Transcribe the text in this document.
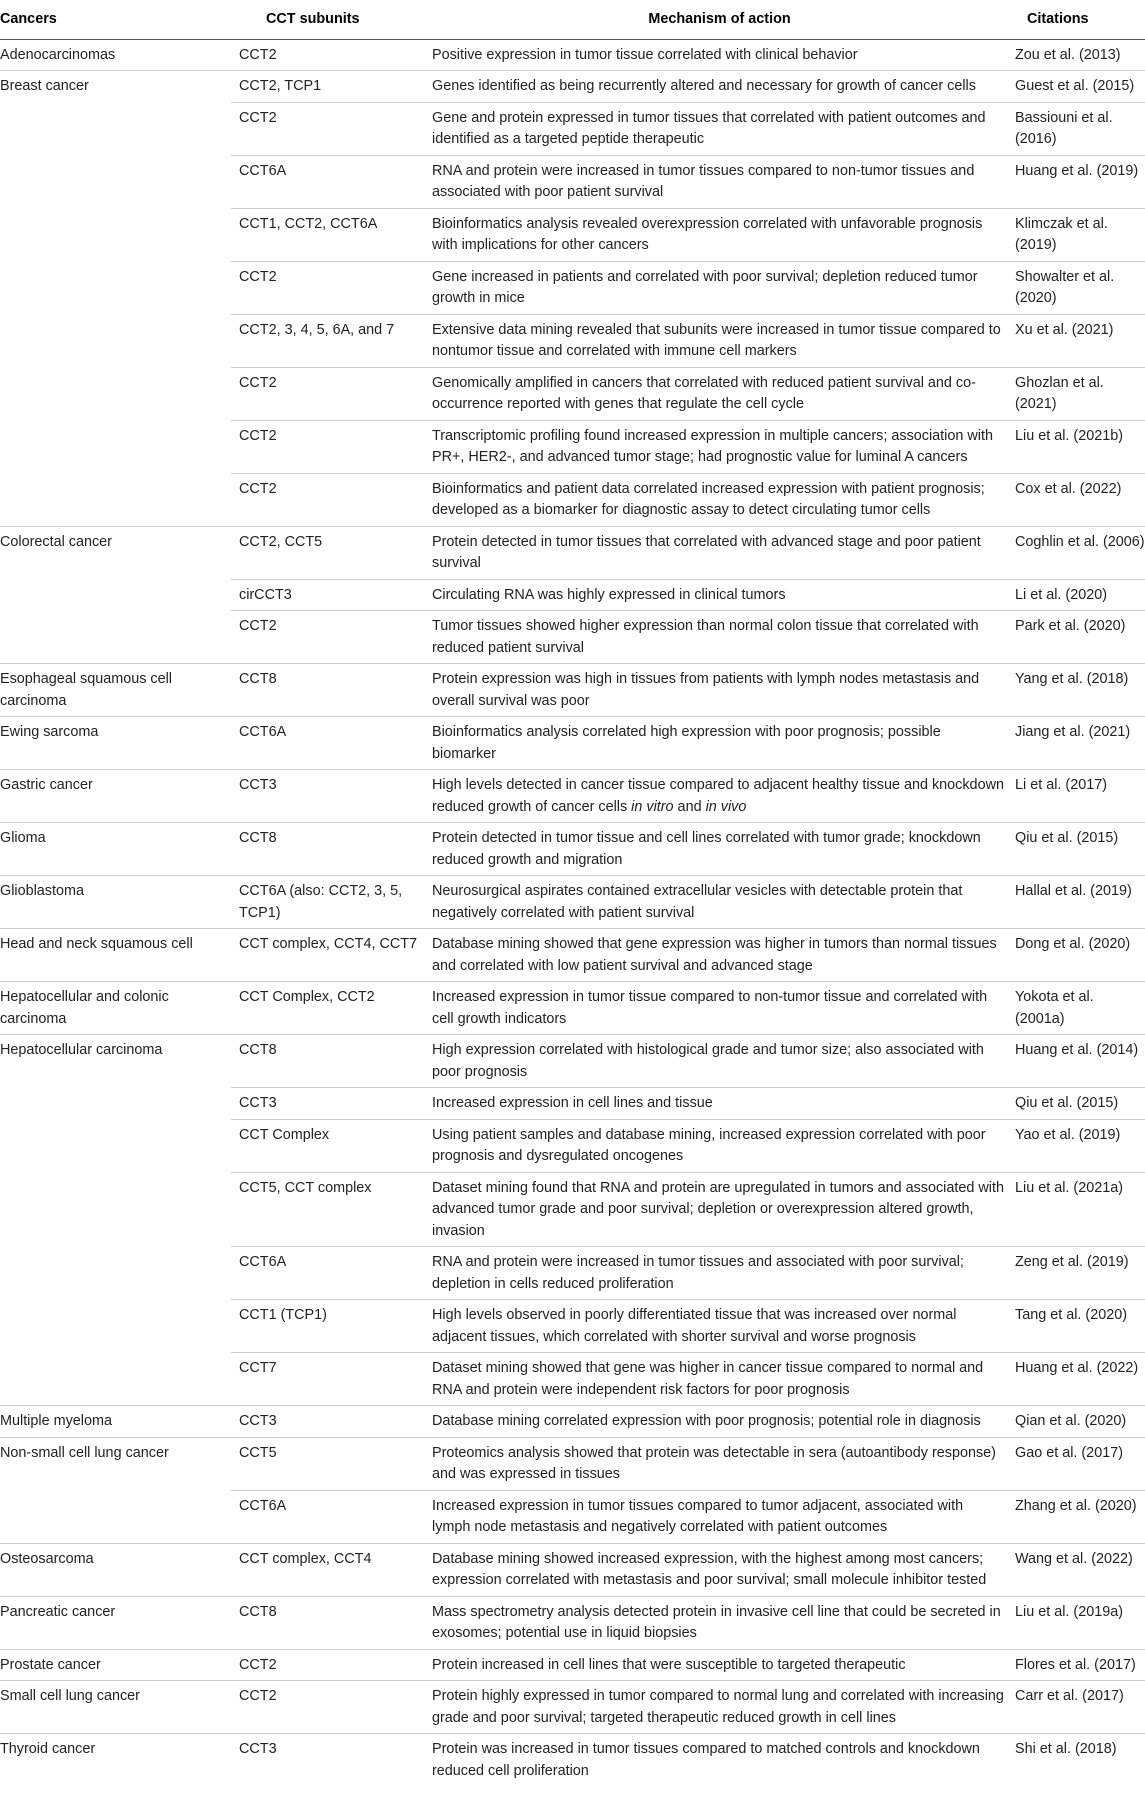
Cancers	CCT subunits	Mechanism of action	Citations
Adenocarcinomas	CCT2	Positive expression in tumor tissue correlated with clinical behavior	Zou et al. (2013)
Breast cancer	CCT2, TCP1	Genes identified as being recurrently altered and necessary for growth of cancer cells	Guest et al. (2015)
	CCT2	Gene and protein expressed in tumor tissues that correlated with patient outcomes and identified as a targeted peptide therapeutic	Bassiouni et al. (2016)
	CCT6A	RNA and protein were increased in tumor tissues compared to non-tumor tissues and associated with poor patient survival	Huang et al. (2019)
	CCT1, CCT2, CCT6A	Bioinformatics analysis revealed overexpression correlated with unfavorable prognosis with implications for other cancers	Klimczak et al. (2019)
	CCT2	Gene increased in patients and correlated with poor survival; depletion reduced tumor growth in mice	Showalter et al. (2020)
	CCT2, 3, 4, 5, 6A, and 7	Extensive data mining revealed that subunits were increased in tumor tissue compared to nontumor tissue and correlated with immune cell markers	Xu et al. (2021)
	CCT2	Genomically amplified in cancers that correlated with reduced patient survival and co-occurrence reported with genes that regulate the cell cycle	Ghozlan et al. (2021)
	CCT2	Transcriptomic profiling found increased expression in multiple cancers; association with PR+, HER2-, and advanced tumor stage; had prognostic value for luminal A cancers	Liu et al. (2021b)
	CCT2	Bioinformatics and patient data correlated increased expression with patient prognosis; developed as a biomarker for diagnostic assay to detect circulating tumor cells	Cox et al. (2022)
Colorectal cancer	CCT2, CCT5	Protein detected in tumor tissues that correlated with advanced stage and poor patient survival	Coghlin et al. (2006)
	cirCCT3	Circulating RNA was highly expressed in clinical tumors	Li et al. (2020)
	CCT2	Tumor tissues showed higher expression than normal colon tissue that correlated with reduced patient survival	Park et al. (2020)
Esophageal squamous cell carcinoma	CCT8	Protein expression was high in tissues from patients with lymph nodes metastasis and overall survival was poor	Yang et al. (2018)
Ewing sarcoma	CCT6A	Bioinformatics analysis correlated high expression with poor prognosis; possible biomarker	Jiang et al. (2021)
Gastric cancer	CCT3	High levels detected in cancer tissue compared to adjacent healthy tissue and knockdown reduced growth of cancer cells in vitro and in vivo	Li et al. (2017)
Glioma	CCT8	Protein detected in tumor tissue and cell lines correlated with tumor grade; knockdown reduced growth and migration	Qiu et al. (2015)
Glioblastoma	CCT6A (also: CCT2, 3, 5, TCP1)	Neurosurgical aspirates contained extracellular vesicles with detectable protein that negatively correlated with patient survival	Hallal et al. (2019)
Head and neck squamous cell	CCT complex, CCT4, CCT7	Database mining showed that gene expression was higher in tumors than normal tissues and correlated with low patient survival and advanced stage	Dong et al. (2020)
Hepatocellular and colonic carcinoma	CCT Complex, CCT2	Increased expression in tumor tissue compared to non-tumor tissue and correlated with cell growth indicators	Yokota et al. (2001a)
Hepatocellular carcinoma	CCT8	High expression correlated with histological grade and tumor size; also associated with poor prognosis	Huang et al. (2014)
	CCT3	Increased expression in cell lines and tissue	Qiu et al. (2015)
	CCT Complex	Using patient samples and database mining, increased expression correlated with poor prognosis and dysregulated oncogenes	Yao et al. (2019)
	CCT5, CCT complex	Dataset mining found that RNA and protein are upregulated in tumors and associated with advanced tumor grade and poor survival; depletion or overexpression altered growth, invasion	Liu et al. (2021a)
	CCT6A	RNA and protein were increased in tumor tissues and associated with poor survival; depletion in cells reduced proliferation	Zeng et al. (2019)
	CCT1 (TCP1)	High levels observed in poorly differentiated tissue that was increased over normal adjacent tissues, which correlated with shorter survival and worse prognosis	Tang et al. (2020)
	CCT7	Dataset mining showed that gene was higher in cancer tissue compared to normal and RNA and protein were independent risk factors for poor prognosis	Huang et al. (2022)
Multiple myeloma	CCT3	Database mining correlated expression with poor prognosis; potential role in diagnosis	Qian et al. (2020)
Non-small cell lung cancer	CCT5	Proteomics analysis showed that protein was detectable in sera (autoantibody response) and was expressed in tissues	Gao et al. (2017)
	CCT6A	Increased expression in tumor tissues compared to tumor adjacent, associated with lymph node metastasis and negatively correlated with patient outcomes	Zhang et al. (2020)
Osteosarcoma	CCT complex, CCT4	Database mining showed increased expression, with the highest among most cancers; expression correlated with metastasis and poor survival; small molecule inhibitor tested	Wang et al. (2022)
Pancreatic cancer	CCT8	Mass spectrometry analysis detected protein in invasive cell line that could be secreted in exosomes; potential use in liquid biopsies	Liu et al. (2019a)
Prostate cancer	CCT2	Protein increased in cell lines that were susceptible to targeted therapeutic	Flores et al. (2017)
Small cell lung cancer	CCT2	Protein highly expressed in tumor compared to normal lung and correlated with increasing grade and poor survival; targeted therapeutic reduced growth in cell lines	Carr et al. (2017)
Thyroid cancer	CCT3	Protein was increased in tumor tissues compared to matched controls and knockdown reduced cell proliferation	Shi et al. (2018)
